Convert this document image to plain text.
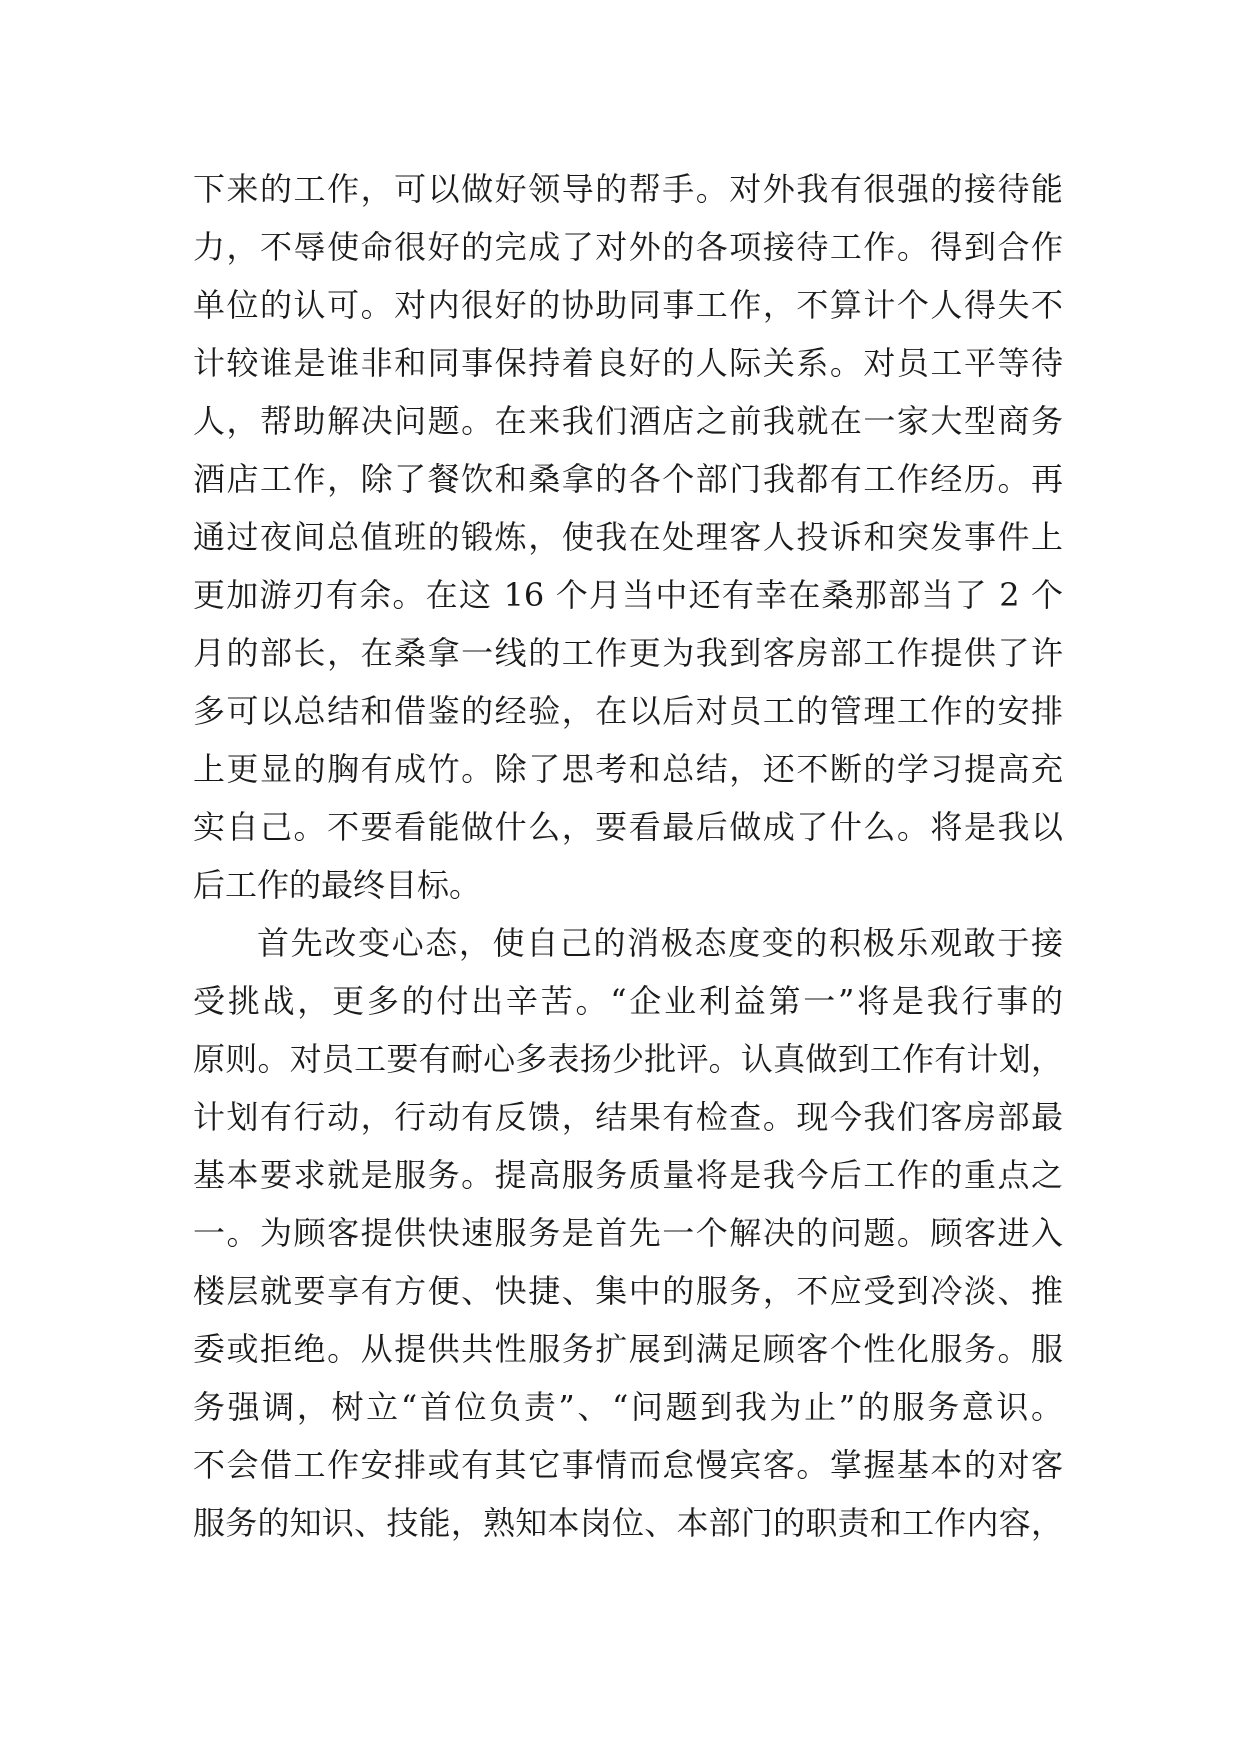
下来的工作，可以做好领导的帮手。对外我有很强的接待能
力，不辱使命很好的完成了对外的各项接待工作。得到合作
单位的认可。对内很好的协助同事工作，不算计个人得失不
计较谁是谁非和同事保持着良好的人际关系。对员工平等待
人，帮助解决问题。在来我们酒店之前我就在一家大型商务
酒店工作，除了餐饮和桑拿的各个部门我都有工作经历。再
通过夜间总值班的锻炼，使我在处理客人投诉和突发事件上
更加游刃有余。在这 16 个月当中还有幸在桑那部当了 2 个
月的部长，在桑拿一线的工作更为我到客房部工作提供了许
多可以总结和借鉴的经验，在以后对员工的管理工作的安排
上更显的胸有成竹。除了思考和总结，还不断的学习提高充
实自己。不要看能做什么，要看最后做成了什么。将是我以
后工作的最终目标。
首先改变心态，使自己的消极态度变的积极乐观敢于接
受挑战，更多的付出辛苦。“企业利益第一”将是我行事的
原则。对员工要有耐心多表扬少批评。认真做到工作有计划，
计划有行动，行动有反馈，结果有检查。现今我们客房部最
基本要求就是服务。提高服务质量将是我今后工作的重点之
一。为顾客提供快速服务是首先一个解决的问题。顾客进入
楼层就要享有方便、快捷、集中的服务，不应受到冷淡、推
委或拒绝。从提供共性服务扩展到满足顾客个性化服务。服
务强调，树立“首位负责”、“问题到我为止”的服务意识。
不会借工作安排或有其它事情而怠慢宾客。掌握基本的对客
服务的知识、技能，熟知本岗位、本部门的职责和工作内容，
